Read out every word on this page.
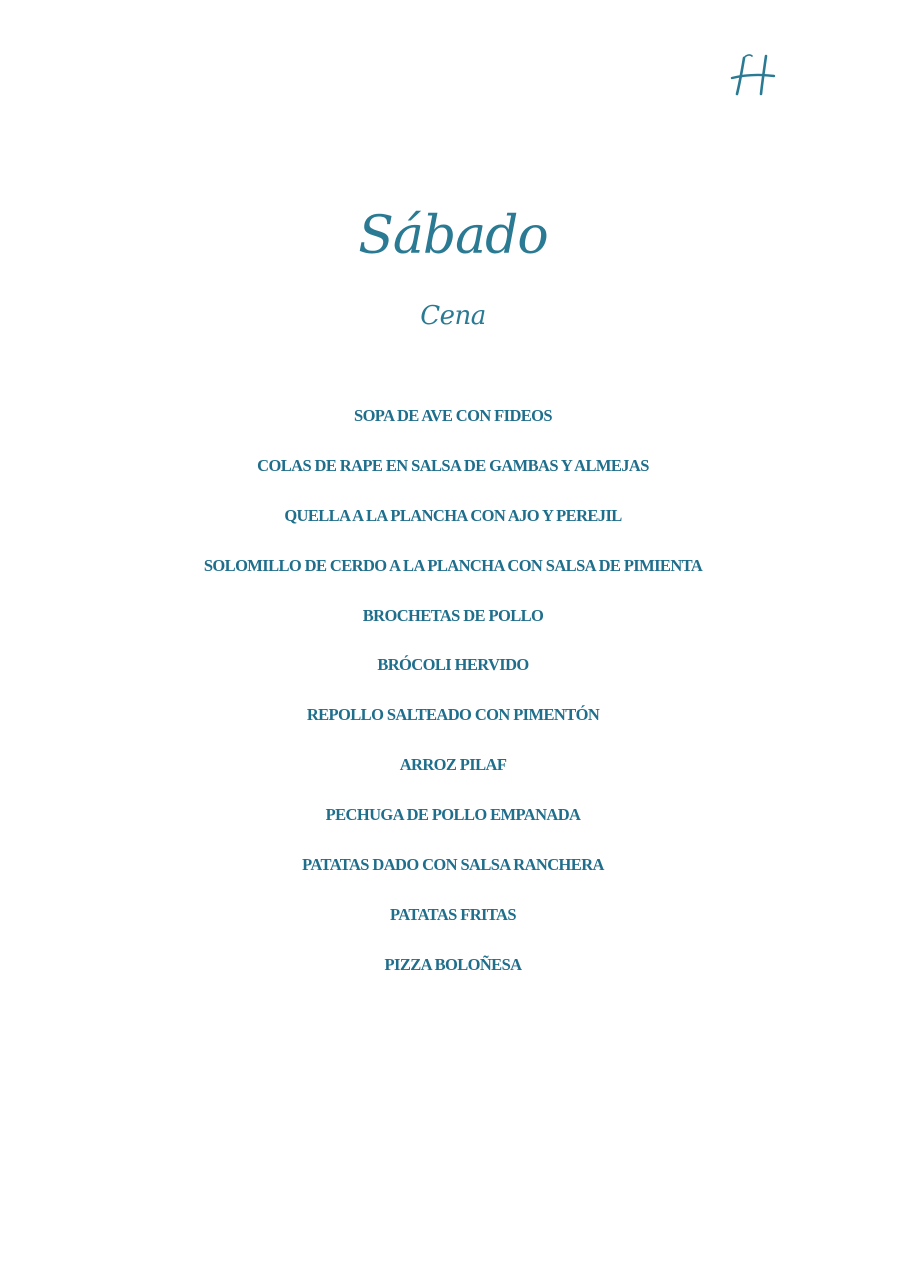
Sábado
Cena
SOPA DE AVE CON FIDEOS
COLAS DE RAPE EN SALSA DE GAMBAS Y ALMEJAS
QUELLA A LA PLANCHA CON AJO Y PEREJIL
SOLOMILLO DE CERDO A LA PLANCHA CON SALSA DE PIMIENTA
BROCHETAS DE POLLO
BRÓCOLI HERVIDO
REPOLLO SALTEADO CON PIMENTÓN
ARROZ PILAF
PECHUGA DE POLLO EMPANADA
PATATAS DADO CON SALSA RANCHERA
PATATAS FRITAS
PIZZA BOLOÑESA
